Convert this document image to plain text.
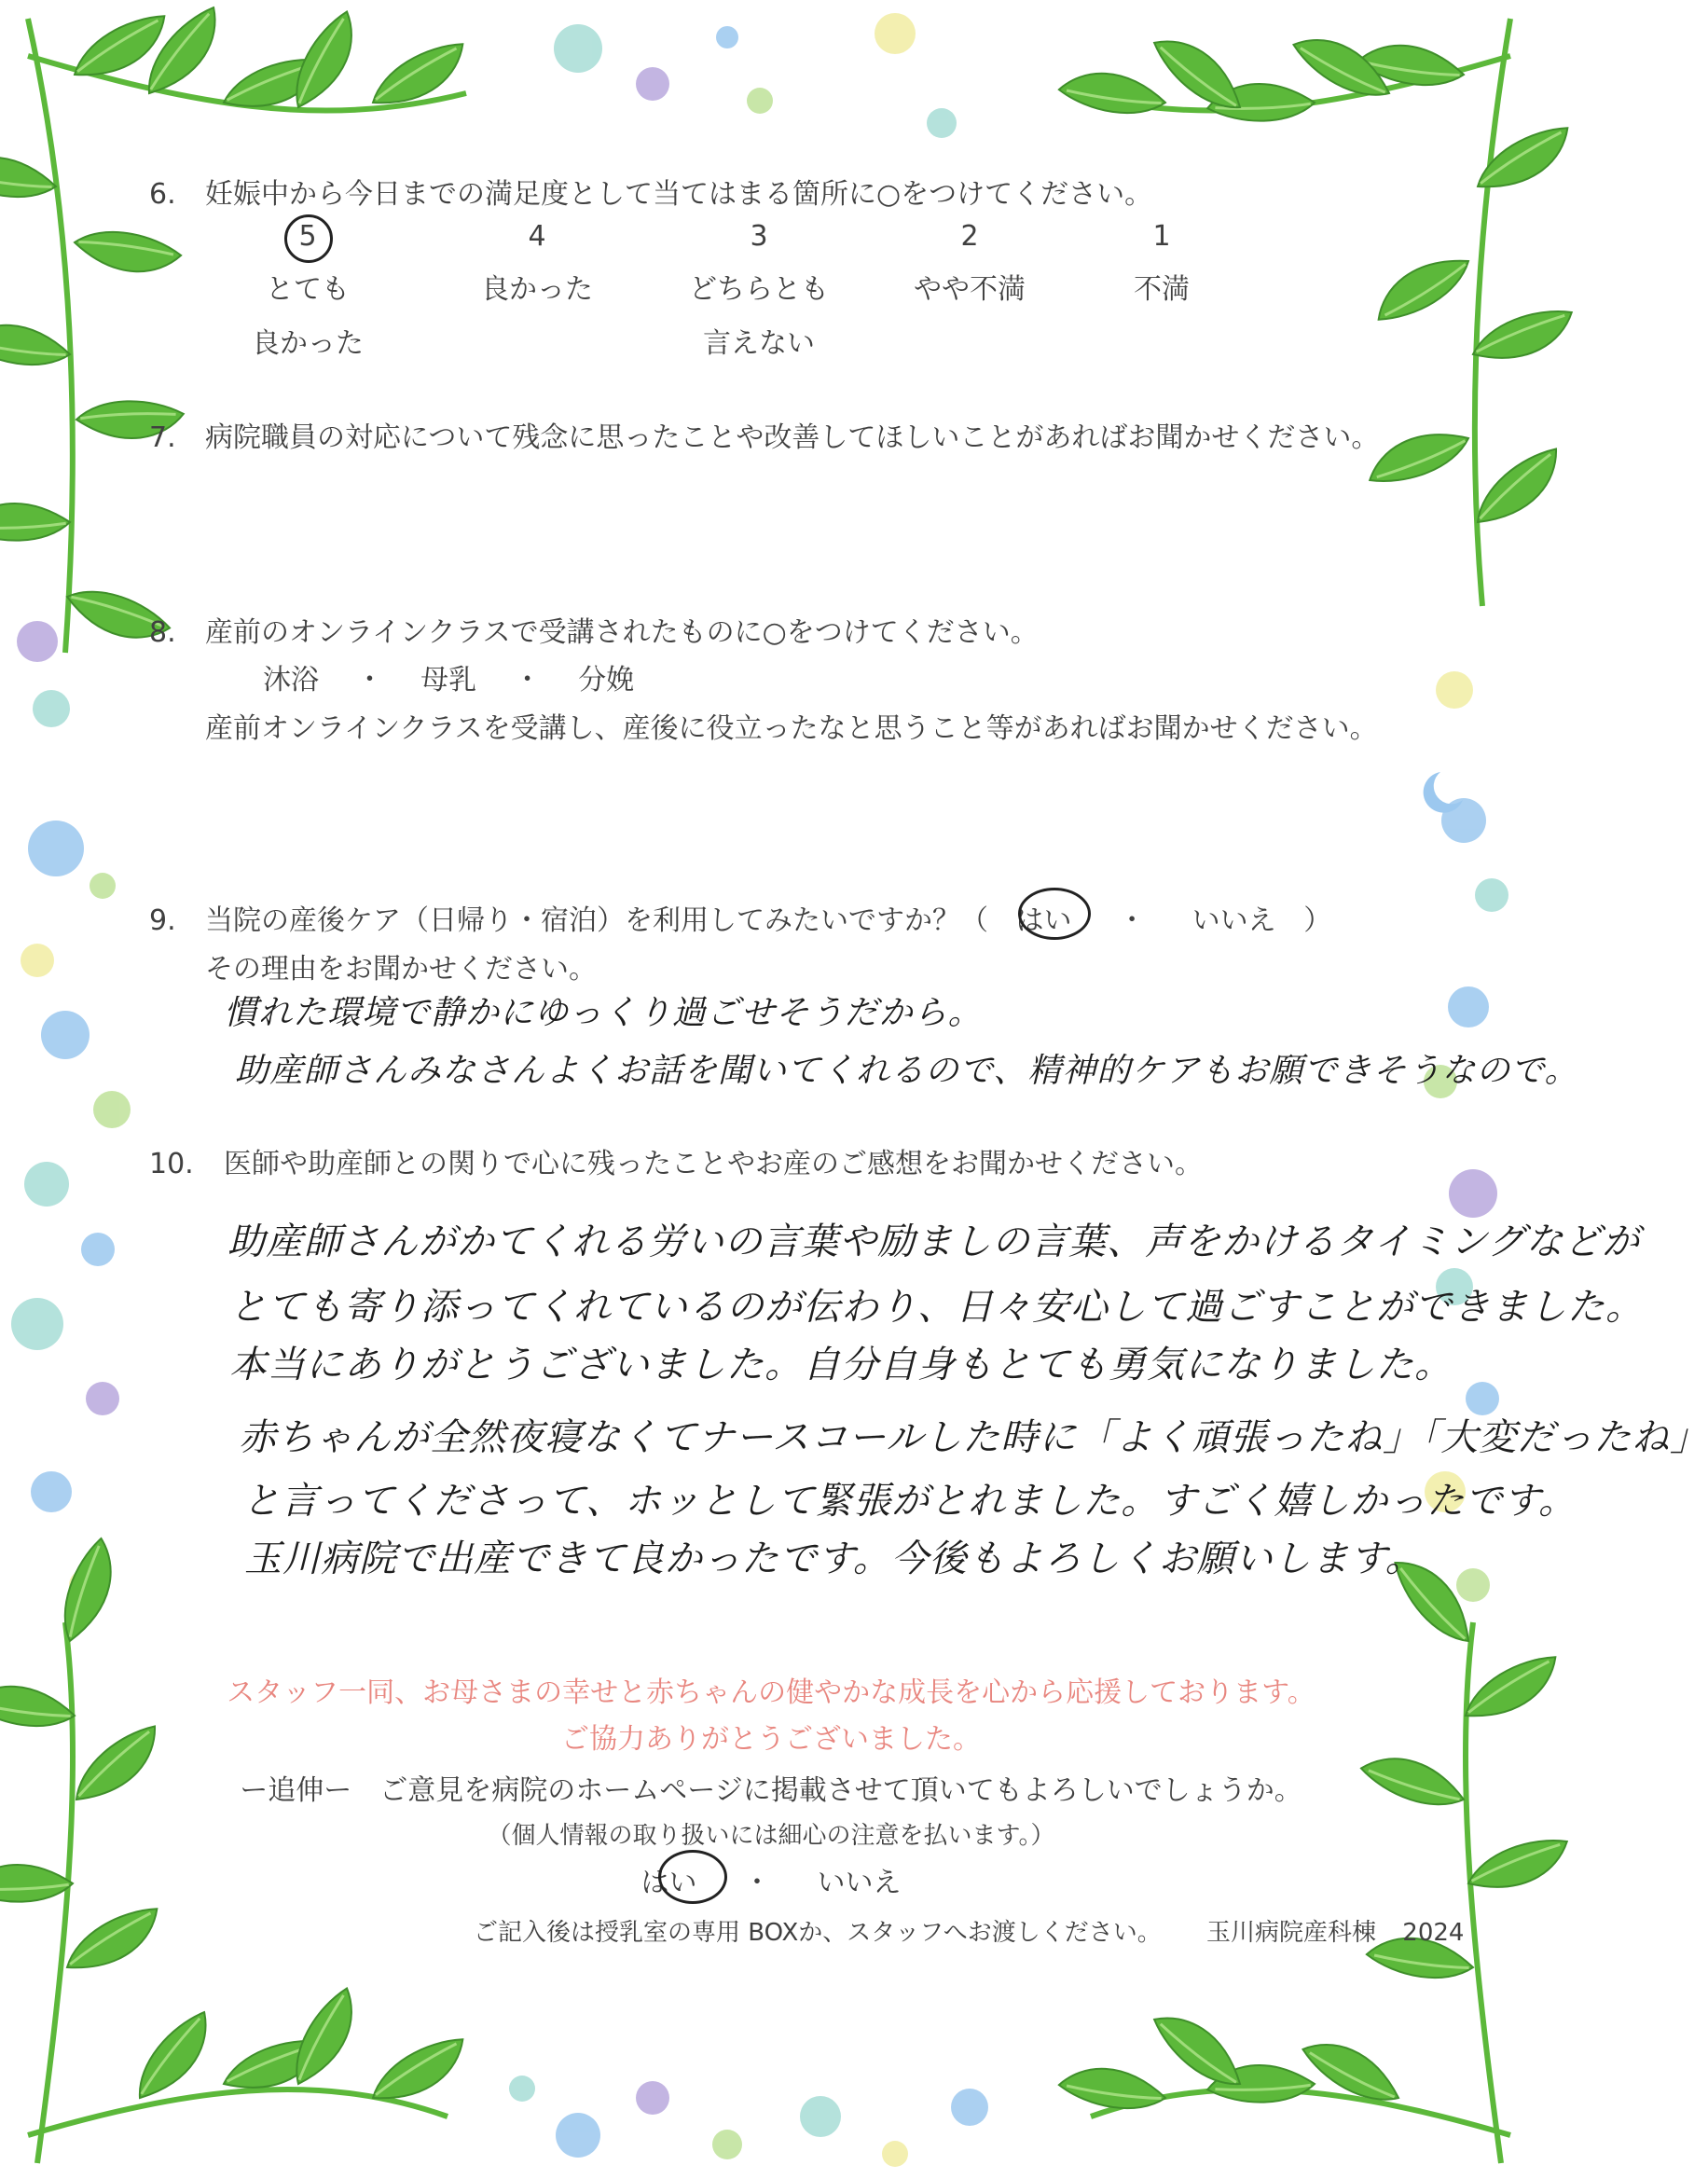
6. 妊娠中から今日までの満足度として当てはまる箇所に○をつけてください。
5
とても
良かった
4
良かった
3
どちらとも
言えない
2
やや不満
1
不満
7. 病院職員の対応について残念に思ったことや改善してほしいことがあればお聞かせください。
8. 産前のオンラインクラスで受講されたものに○をつけてください。
沐浴 ・ 母乳 ・ 分娩
産前オンラインクラスを受講し、産後に役立ったなと思うこと等があればお聞かせください。
9. 当院の産後ケア（日帰り・宿泊）を利用してみたいですか？（ はい ・ いいえ ）
その理由をお聞かせください。
慣れた環境で静かにゆっくり過ごせそうだから。
助産師さんみなさんよくお話を聞いてくれるので、精神的ケアもお願できそうなので。
10. 医師や助産師との関りで心に残ったことやお産のご感想をお聞かせください。
助産師さんがかてくれる労いの言葉や励ましの言葉、声をかけるタイミングなどが
とても寄り添ってくれているのが伝わり、日々安心して過ごすことができました。
本当にありがとうございました。自分自身もとても勇気になりました。
赤ちゃんが全然夜寝なくてナースコールした時に「よく頑張ったね」「大変だったね」
と言ってくださって、ホッとして緊張がとれました。すごく嬉しかったです。
玉川病院で出産できて良かったです。今後もよろしくお願いします。
スタッフ一同、お母さまの幸せと赤ちゃんの健やかな成長を心から応援しております。
ご協力ありがとうございました。
ー追伸ー　ご意見を病院のホームページに掲載させて頂いてもよろしいでしょうか。
（個人情報の取り扱いには細心の注意を払います。）
はい ・ いいえ
ご記入後は授乳室の専用 BOXか、スタッフへお渡しください。 玉川病院産科棟 2024
